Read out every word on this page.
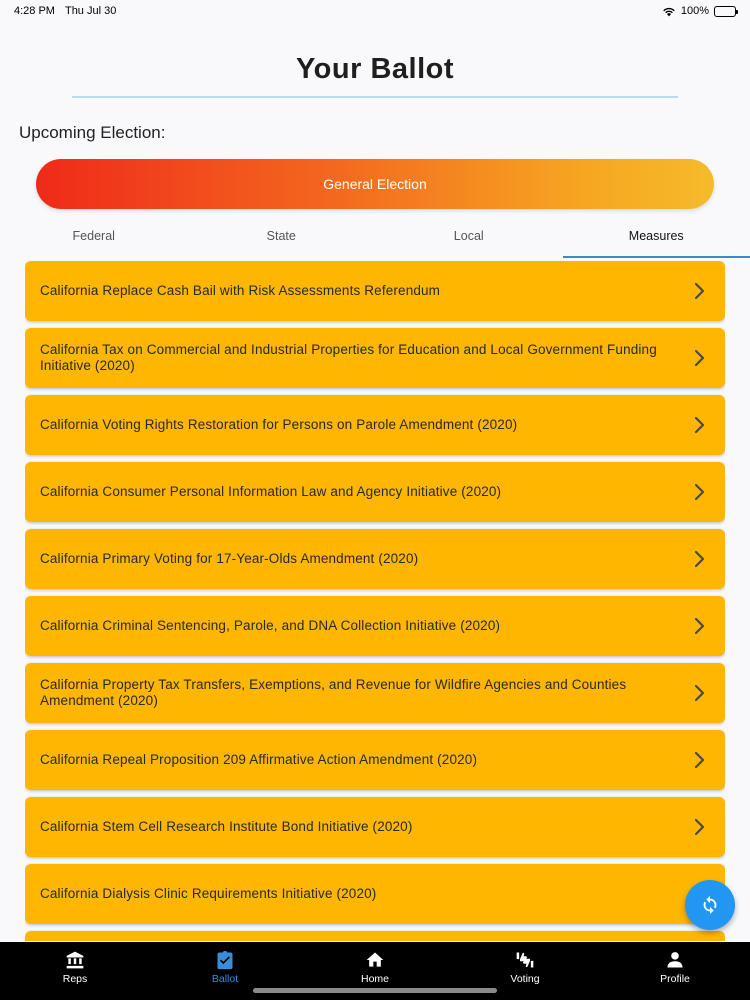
4:28 PM Thu Jul 30	100%
Your Ballot
Upcoming Election:
General Election
Federal	State	Local	Measures
California Replace Cash Bail with Risk Assessments Referendum
California Tax on Commercial and Industrial Properties for Education and Local Government Funding Initiative (2020)
California Voting Rights Restoration for Persons on Parole Amendment (2020)
California Consumer Personal Information Law and Agency Initiative (2020)
California Primary Voting for 17-Year-Olds Amendment (2020)
California Criminal Sentencing, Parole, and DNA Collection Initiative (2020)
California Property Tax Transfers, Exemptions, and Revenue for Wildfire Agencies and Counties Amendment (2020)
California Repeal Proposition 209 Affirmative Action Amendment (2020)
California Stem Cell Research Institute Bond Initiative (2020)
California Dialysis Clinic Requirements Initiative (2020)
Reps	Ballot	Home	Voting	Profile
